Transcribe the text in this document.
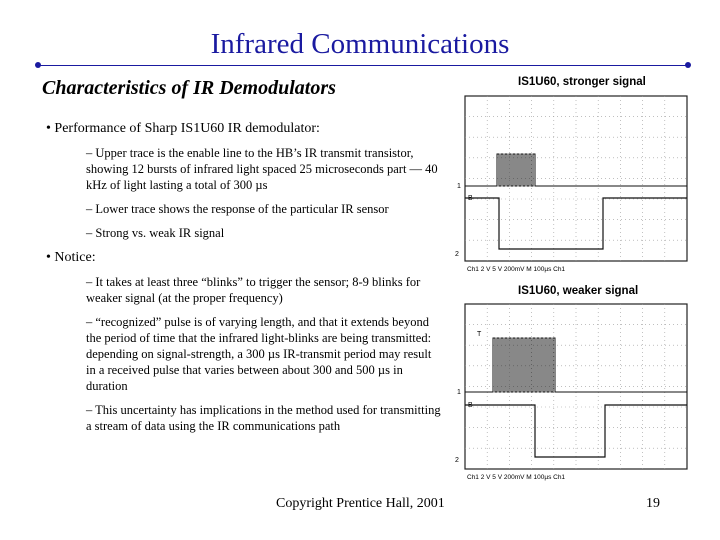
Infrared Communications
Characteristics of IR Demodulators
• Performance of Sharp IS1U60 IR demodulator:
– Upper trace is the enable line to the HB’s IR transmit transistor, showing 12 bursts of infrared light spaced 25 microseconds part — 40 kHz of light lasting a total of 300 µs
– Lower trace shows the response of the particular IR sensor
– Strong vs. weak IR signal
• Notice:
– It takes at least three “blinks” to trigger the sensor; 8-9 blinks for weaker signal (at the proper frequency)
– “recognized” pulse is of varying length, and that it extends beyond the period of time that the infrared light-blinks are being transmitted: depending on signal-strength, a 300 µs IR-transmit period may result in a received pulse that varies between about 300 and 500 µs in duration
– This uncertainty has implications in the method used for transmitting a stream of data using the IR communications path
IS1U60, stronger signal
1
B
2
Ch1 2 V 5 V 200mV M 100µs Ch1
IS1U60, weaker signal
T
1
B
2
Ch1 2 V 5 V 200mV M 100µs Ch1
Copyright Prentice Hall, 2001	19
